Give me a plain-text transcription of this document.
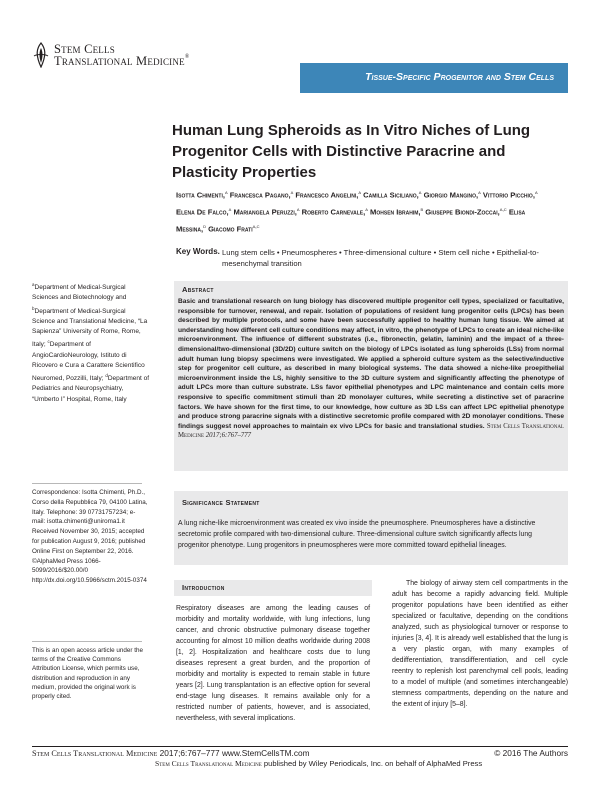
Stem Cells
Translational Medicine®
Tissue-Specific Progenitor and Stem Cells
Human Lung Spheroids as In Vitro Niches of Lung Progenitor Cells with Distinctive Paracrine and Plasticity Properties
Isotta Chimenti,$^a$ Francesca Pagano,$^a$ Francesco Angelini,$^a$ Camilla Siciliano,$^a$ Giorgio Mangino,$^a$ Vittorio Picchio,$^a$ Elena De Falco,$^a$ Mariangela Peruzzi,$^a$ Roberto Carnevale,$^a$ Mohsen Ibrahim,$^b$ Giuseppe Biondi-Zoccai,$^{a,c}$ Elisa Messina,$^d$ Giacomo Frati$^{a,c}$
Key Words. Lung stem cells • Pneumospheres • Three-dimensional culture • Stem cell niche • Epithelial-to-mesenchymal transition
Abstract
Basic and translational research on lung biology has discovered multiple progenitor cell types, specialized or facultative, responsible for turnover, renewal, and repair. Isolation of populations of resident lung progenitor cells (LPCs) has been described by multiple protocols, and some have been successfully applied to healthy human lung tissue. We aimed at understanding how different cell culture conditions may affect, in vitro, the phenotype of LPCs to create an ideal niche-like microenvironment. The influence of different substrates (i.e., fibronectin, gelatin, laminin) and the impact of a three-dimensional/two-dimensional (3D/2D) culture switch on the biology of LPCs isolated as lung spheroids (LSs) from normal adult human lung biopsy specimens were investigated. We applied a spheroid culture system as the selective/inductive step for progenitor cell culture, as described in many biological systems. The data showed a niche-like proepithelial microenvironment inside the LS, highly sensitive to the 3D culture system and significantly affecting the phenotype of adult LPCs more than culture substrate. LSs favor epithelial phenotypes and LPC maintenance and contain cells more responsive to specific commitment stimuli than 2D monolayer cultures, while secreting a distinctive set of paracrine factors. We have shown for the first time, to our knowledge, how culture as 3D LSs can affect LPC epithelial phenotype and produce strong paracrine signals with a distinctive secretomic profile compared with 2D monolayer conditions. These findings suggest novel approaches to maintain ex vivo LPCs for basic and translational studies. Stem Cells Translational Medicine 2017;6:767–777
$^a$Department of Medical-Surgical Sciences and Biotechnology and $^b$Department of Medical-Surgical Science and Translational Medicine, “La Sapienza” University of Rome, Rome, Italy; $^c$Department of AngioCardioNeurology, Istituto di Ricovero e Cura a Carattere Scientifico Neuromed, Pozzilli, Italy; $^d$Department of Pediatrics and Neuropsychiatry, “Umberto I” Hospital, Rome, Italy
Correspondence: Isotta Chimenti, Ph.D., Corso della Repubblica 79, 04100 Latina, Italy. Telephone: 39 07731757234; e-mail: isotta.chimenti@uniroma1.it
Received November 30, 2015; accepted for publication August 9, 2016; published Online First on September 22, 2016.
©AlphaMed Press 1066-5099/2016/$20.00/0
http://dx.doi.org/10.5966/sctm.2015-0374
This is an open access article under the terms of the Creative Commons Attribution License, which permits use, distribution and reproduction in any medium, provided the original work is properly cited.
Significance Statement
A lung niche-like microenvironment was created ex vivo inside the pneumosphere. Pneumospheres have a distinctive secretomic profile compared with two-dimensional culture. Three-dimensional culture switch significantly affects lung progenitor phenotype. Lung progenitors in pneumospheres were more committed toward epithelial lineages.
Introduction
Respiratory diseases are among the leading causes of morbidity and mortality worldwide, with lung infections, lung cancer, and chronic obstructive pulmonary disease together accounting for almost 10 million deaths worldwide during 2008 [1, 2]. Hospitalization and healthcare costs due to lung diseases represent a great burden, and the proportion of morbidity and mortality is expected to remain stable in future years [2]. Lung transplantation is an effective option for several end-stage lung diseases. It remains available only for a restricted number of patients, however, and is associated, nevertheless, with several implications.
The biology of airway stem cell compartments in the adult has become a rapidly advancing field. Multiple progenitor populations have been identified as either specialized or facultative, depending on the conditions analyzed, such as physiological turnover or response to injuries [3, 4]. It is already well established that the lung is a very plastic organ, with many examples of dedifferentiation, transdifferentiation, and cell cycle reentry to replenish lost parenchymal cell pools, leading to a model of multiple (and sometimes interchangeable) stemness compartments, depending on the nature and the extent of injury [5–8].
Stem Cells Translational Medicine 2017;6:767–777 www.StemCellsTM.com	© 2016 The Authors
Stem Cells Translational Medicine published by Wiley Periodicals, Inc. on behalf of AlphaMed Press
